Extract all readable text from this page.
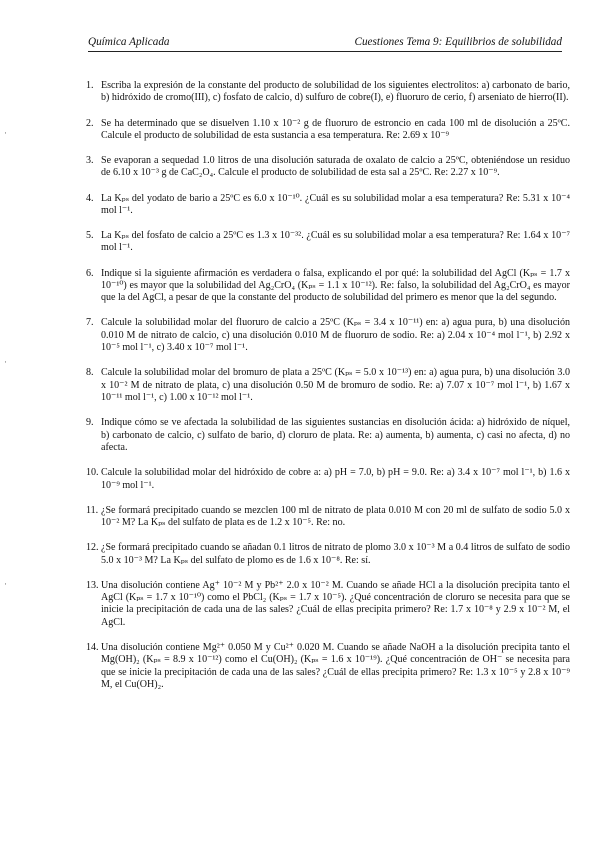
Química Aplicada	Cuestiones Tema 9: Equilibrios de solubilidad
·
·
·
1. Escriba la expresión de la constante del producto de solubilidad de los siguientes electrolitos: a) carbonato de bario, b) hidróxido de cromo(III), c) fosfato de calcio, d) sulfuro de cobre(I), e) fluoruro de cerio, f) arseniato de hierro(II).
2. Se ha determinado que se disuelven 1.10 x 10⁻² g de fluoruro de estroncio en cada 100 ml de disolución a 25ºC. Calcule el producto de solubilidad de esta sustancia a esa temperatura. Re: 2.69 x 10⁻⁹
3. Se evaporan a sequedad 1.0 litros de una disolución saturada de oxalato de calcio a 25ºC, obteniéndose un residuo de 6.10 x 10⁻³ g de CaC₂O₄. Calcule el producto de solubilidad de esta sal a 25ºC. Re: 2.27 x 10⁻⁹.
4. La Kₚₛ del yodato de bario a 25ºC es 6.0 x 10⁻¹⁰. ¿Cuál es su solubilidad molar a esa temperatura? Re: 5.31 x 10⁻⁴ mol l⁻¹.
5. La Kₚₛ del fosfato de calcio a 25ºC es 1.3 x 10⁻³². ¿Cuál es su solubilidad molar a esa temperatura? Re: 1.64 x 10⁻⁷ mol l⁻¹.
6. Indique si la siguiente afirmación es verdadera o falsa, explicando el por qué: la solubilidad del AgCl (Kₚₛ = 1.7 x 10⁻¹⁰) es mayor que la solubilidad del Ag₂CrO₄ (Kₚₛ = 1.1 x 10⁻¹²). Re: falso, la solubilidad del Ag₂CrO₄ es mayor que la del AgCl, a pesar de que la constante del producto de solubilidad del primero es menor que la del segundo.
7. Calcule la solubilidad molar del fluoruro de calcio a 25ºC (Kₚₛ = 3.4 x 10⁻¹¹) en: a) agua pura, b) una disolución 0.010 M de nitrato de calcio, c) una disolución 0.010 M de fluoruro de sodio. Re: a) 2.04 x 10⁻⁴ mol l⁻¹, b) 2.92 x 10⁻⁵ mol l⁻¹, c) 3.40 x 10⁻⁷ mol l⁻¹.
8. Calcule la solubilidad molar del bromuro de plata a 25ºC (Kₚₛ = 5.0 x 10⁻¹³) en: a) agua pura, b) una disolución 3.0 x 10⁻² M de nitrato de plata, c) una disolución 0.50 M de bromuro de sodio. Re: a) 7.07 x 10⁻⁷ mol l⁻¹, b) 1.67 x 10⁻¹¹ mol l⁻¹, c) 1.00 x 10⁻¹² mol l⁻¹.
9. Indique cómo se ve afectada la solubilidad de las siguientes sustancias en disolución ácida: a) hidróxido de níquel, b) carbonato de calcio, c) sulfato de bario, d) cloruro de plata. Re: a) aumenta, b) aumenta, c) casi no afecta, d) no afecta.
10. Calcule la solubilidad molar del hidróxido de cobre a: a) pH = 7.0, b) pH = 9.0. Re: a) 3.4 x 10⁻⁷ mol l⁻¹, b) 1.6 x 10⁻⁹ mol l⁻¹.
11. ¿Se formará precipitado cuando se mezclen 100 ml de nitrato de plata 0.010 M con 20 ml de sulfato de sodio 5.0 x 10⁻² M? La Kₚₛ del sulfato de plata es de 1.2 x 10⁻⁵. Re: no.
12. ¿Se formará precipitado cuando se añadan 0.1 litros de nitrato de plomo 3.0 x 10⁻³ M a 0.4 litros de sulfato de sodio 5.0 x 10⁻³ M? La Kₚₛ del sulfato de plomo es de 1.6 x 10⁻⁸. Re: sí.
13. Una disolución contiene Ag⁺ 10⁻² M y Pb²⁺ 2.0 x 10⁻² M. Cuando se añade HCl a la disolución precipita tanto el AgCl (Kₚₛ = 1.7 x 10⁻¹⁰) como el PbCl₂ (Kₚₛ = 1.7 x 10⁻⁵). ¿Qué concentración de cloruro se necesita para que se inicie la precipitación de cada una de las sales? ¿Cuál de ellas precipita primero? Re: 1.7 x 10⁻⁸ y 2.9 x 10⁻² M, el AgCl.
14. Una disolución contiene Mg²⁺ 0.050 M y Cu²⁺ 0.020 M. Cuando se añade NaOH a la disolución precipita tanto el Mg(OH)₂ (Kₚₛ = 8.9 x 10⁻¹²) como el Cu(OH)₂ (Kₚₛ = 1.6 x 10⁻¹⁹). ¿Qué concentración de OH⁻ se necesita para que se inicie la precipitación de cada una de las sales? ¿Cuál de ellas precipita primero? Re: 1.3 x 10⁻⁵ y 2.8 x 10⁻⁹ M, el Cu(OH)₂.
